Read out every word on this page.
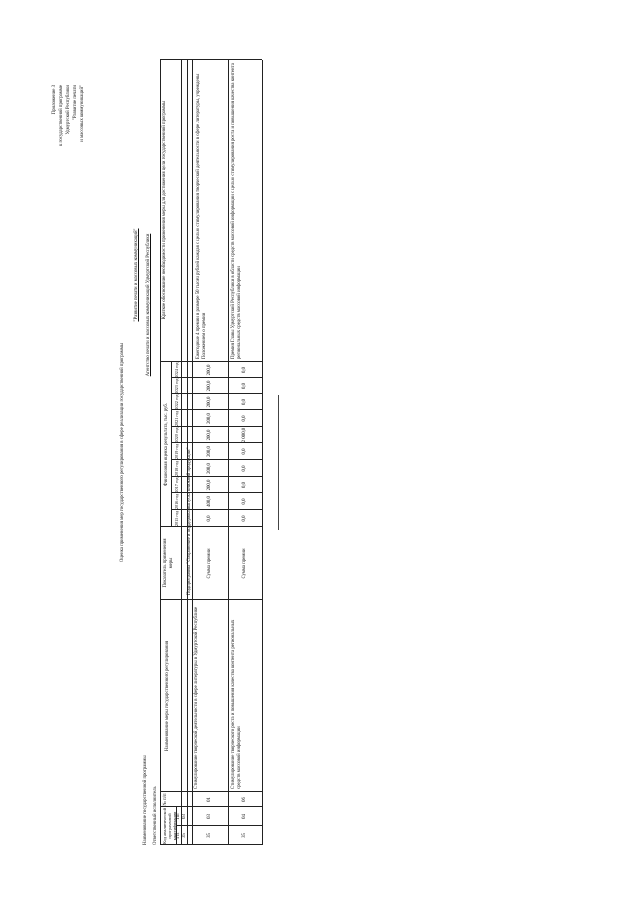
Приложение 3 к государственной программе Удмуртской Республики "Развитие печати и массовых коммуникаций"
Оценка применения мер государственного регулирования в сфере реализации государственной программы
"Развитие печати и массовых коммуникаций" Агентство печати и массовых коммуникаций Удмуртской Республики
Наименование государственной программы Ответственный исполнитель Код аналитической программной классификации ГП
Пп
№ п/п
Наименование меры государственного регулирования
Показатель применения меры
Финансовая оценка результата, тыс. руб.
Краткое обоснование необходимости применения меры для достижения цели государственной программы
2015 год
2016 год
2017 год
2018 год
2019 год
2020 год
2021 год
2022 год
2023 год
2024 год
35
03
Подпрограмма "Сохранение и поддержка выпуска книжной продукции"
35
03
01
Стимулирование творческой деятельности в сфере литературы в Удмуртской Республике
Сумма премии
0,0
400,0
200,0
200,0
200,0
200,0
200,0
200,0
200,0
200,0
Ежегодные 4 премии в размере 50 тысяч рублей каждая с целью стимулирования творческой деятельности в сфере литературы, учреждены Положением о премии
35
04
06
Стимулирование творческого роста и повышения качества контента региональных средств массовой информации
Сумма премии
0,0
0,0
0,0
0,0
0,0
2 000,0
0,0
0,0
0,0
0,0
Премия Главы Удмуртской Республики в области средств массовой информации с целью стимулирования роста и повышения качества контента региональных средств массовой информации
